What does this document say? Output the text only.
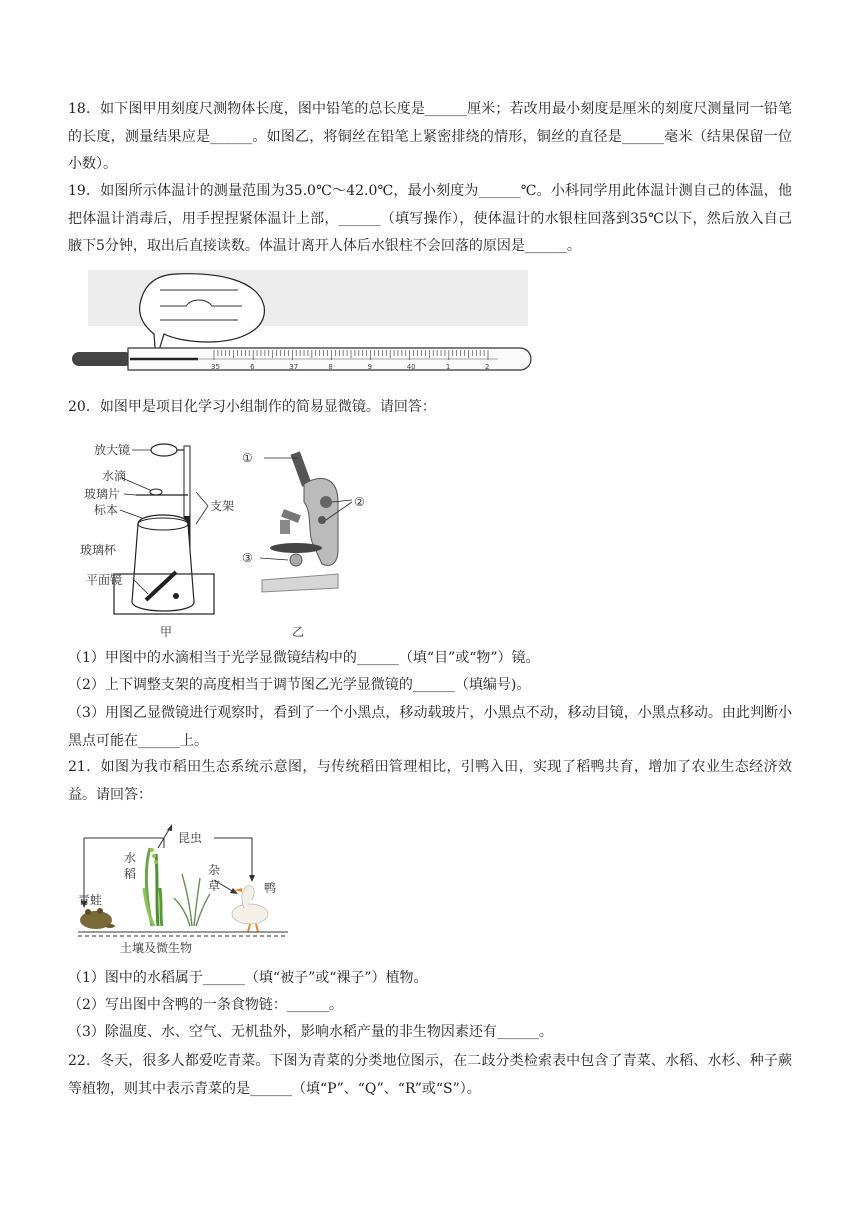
18．如下图甲用刻度尺测物体长度，图中铅笔的总长度是______厘米；若改用最小刻度是厘米的刻度尺测量同一铅笔的长度，测量结果应是______。如图乙，将铜丝在铅笔上紧密排绕的情形，铜丝的直径是______毫米（结果保留一位小数）。

19．如图所示体温计的测量范围为35.0℃～42.0℃，最小刻度为______℃。小科同学用此体温计测自己的体温，他把体温计消毒后，用手捏捏紧体温计上部，______（填写操作），使体温计的水银柱回落到35℃以下，然后放入自己腋下5分钟，取出后直接读数。体温计离开人体后水银柱不会回落的原因是______。

35	6	37	8	9	40	1	2

20．如图甲是项目化学习小组制作的简易显微镜。请回答：

放大镜
水滴
玻璃片
标本	支架
玻璃杯
平面镜
甲
①
②
③
乙

（1）甲图中的水滴相当于光学显微镜结构中的______（填“目”或“物”）镜。

（2）上下调整支架的高度相当于调节图乙光学显微镜的______（填编号)。

（3）用图乙显微镜进行观察时，看到了一个小黑点，移动载玻片，小黑点不动，移动目镜，小黑点移动。由此判断小黑点可能在______上。

21．如图为我市稻田生态系统示意图，与传统稻田管理相比，引鸭入田，实现了稻鸭共育，增加了农业生态经济效益。请回答：

昆虫
水
稻	杂
草
青蛙
鸭
土壤及微生物

（1）图中的水稻属于______（填“被子”或“裸子”）植物。

（2）写出图中含鸭的一条食物链：______。

（3）除温度、水、空气、无机盐外，影响水稻产量的非生物因素还有______。

22．冬天，很多人都爱吃青菜。下图为青菜的分类地位图示，在二歧分类检索表中包含了青菜、水稻、水杉、种子蕨等植物，则其中表示青菜的是______（填“P”、“Q”、“R”或“S”）。
